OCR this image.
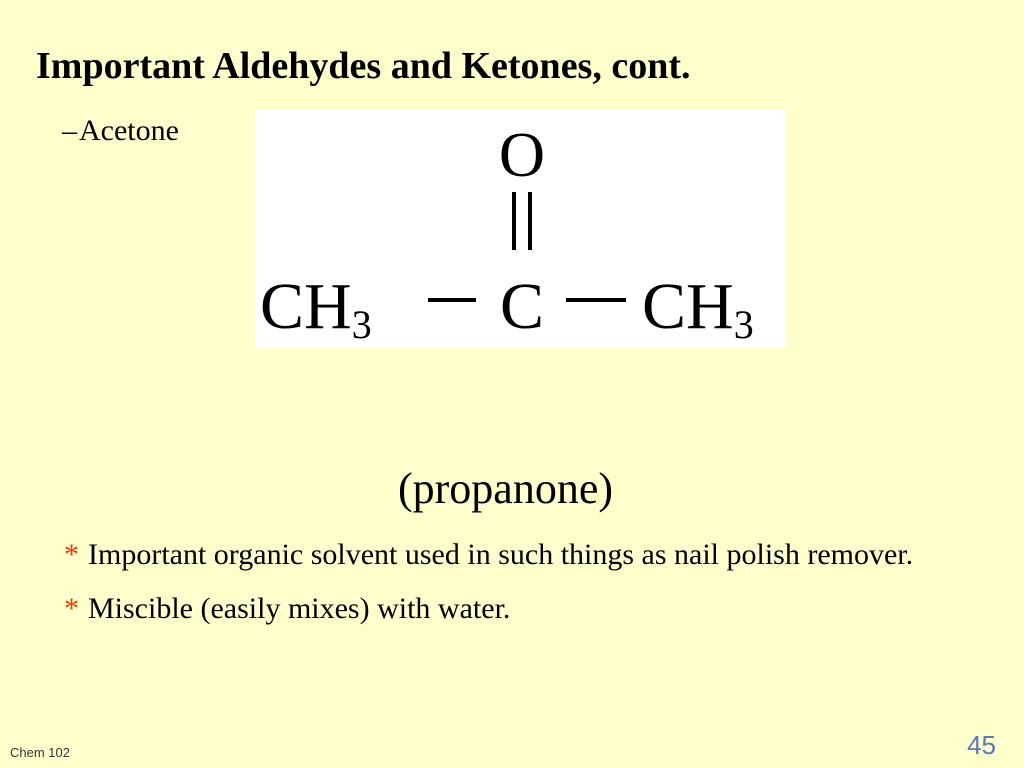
Important Aldehydes and Ketones, cont.
–Acetone	O
CH3 C CH3
(propanone)
* Important organic solvent used in such things as nail polish remover.
* Miscible (easily mixes) with water.
Chem 102	45
